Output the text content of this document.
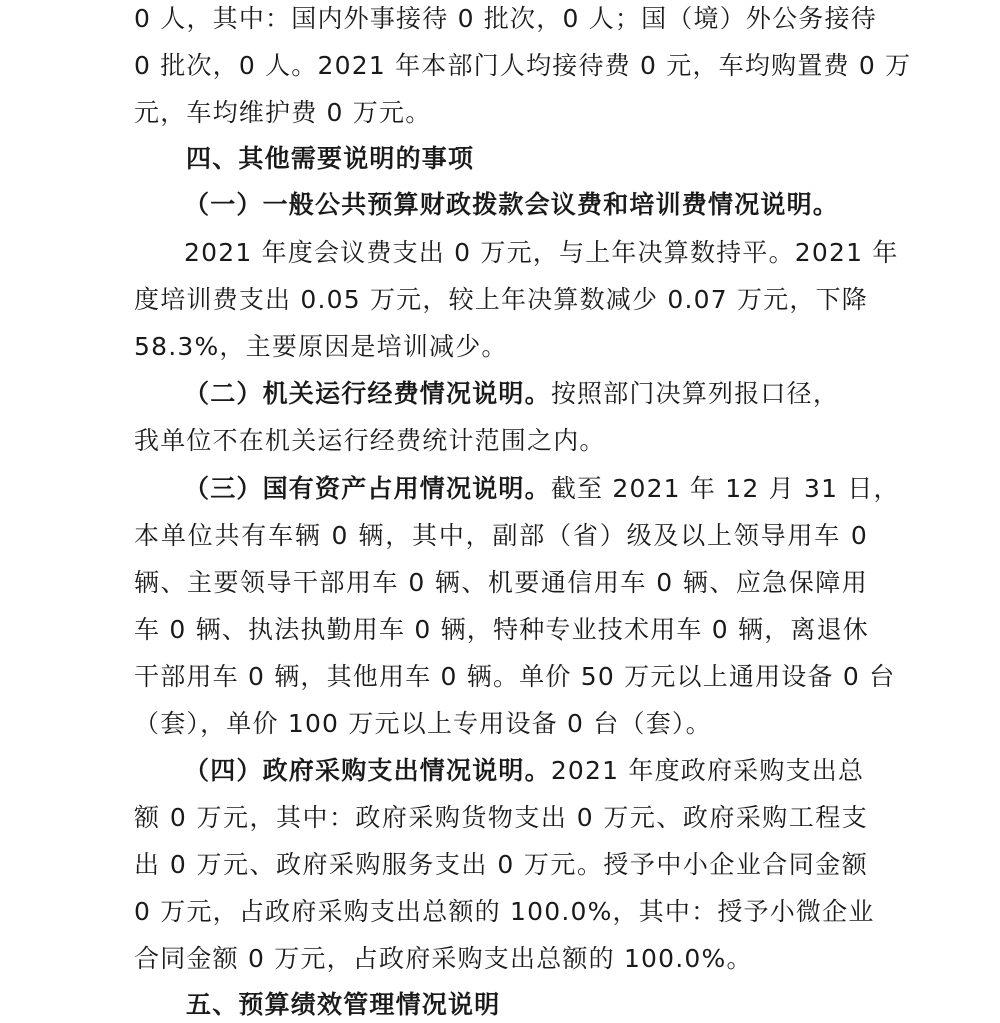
0 人，其中：国内外事接待 0 批次，0 人；国（境）外公务接待
0 批次，0 人。2021 年本部门人均接待费 0 元，车均购置费 0 万
元，车均维护费 0 万元。
四、其他需要说明的事项
（一）一般公共预算财政拨款会议费和培训费情况说明。
2021 年度会议费支出 0 万元，与上年决算数持平。2021 年
度培训费支出 0.05 万元，较上年决算数减少 0.07 万元，下降
58.3%，主要原因是培训减少。
（二）机关运行经费情况说明。按照部门决算列报口径，
我单位不在机关运行经费统计范围之内。
（三）国有资产占用情况说明。截至 2021 年 12 月 31 日，
本单位共有车辆 0 辆，其中，副部（省）级及以上领导用车 0
辆、主要领导干部用车 0 辆、机要通信用车 0 辆、应急保障用
车 0 辆、执法执勤用车 0 辆，特种专业技术用车 0 辆，离退休
干部用车 0 辆，其他用车 0 辆。单价 50 万元以上通用设备 0 台
（套），单价 100 万元以上专用设备 0 台（套）。
（四）政府采购支出情况说明。2021 年度政府采购支出总
额 0 万元，其中：政府采购货物支出 0 万元、政府采购工程支
出 0 万元、政府采购服务支出 0 万元。授予中小企业合同金额
0 万元，占政府采购支出总额的 100.0%，其中：授予小微企业
合同金额 0 万元，占政府采购支出总额的 100.0%。
五、预算绩效管理情况说明
